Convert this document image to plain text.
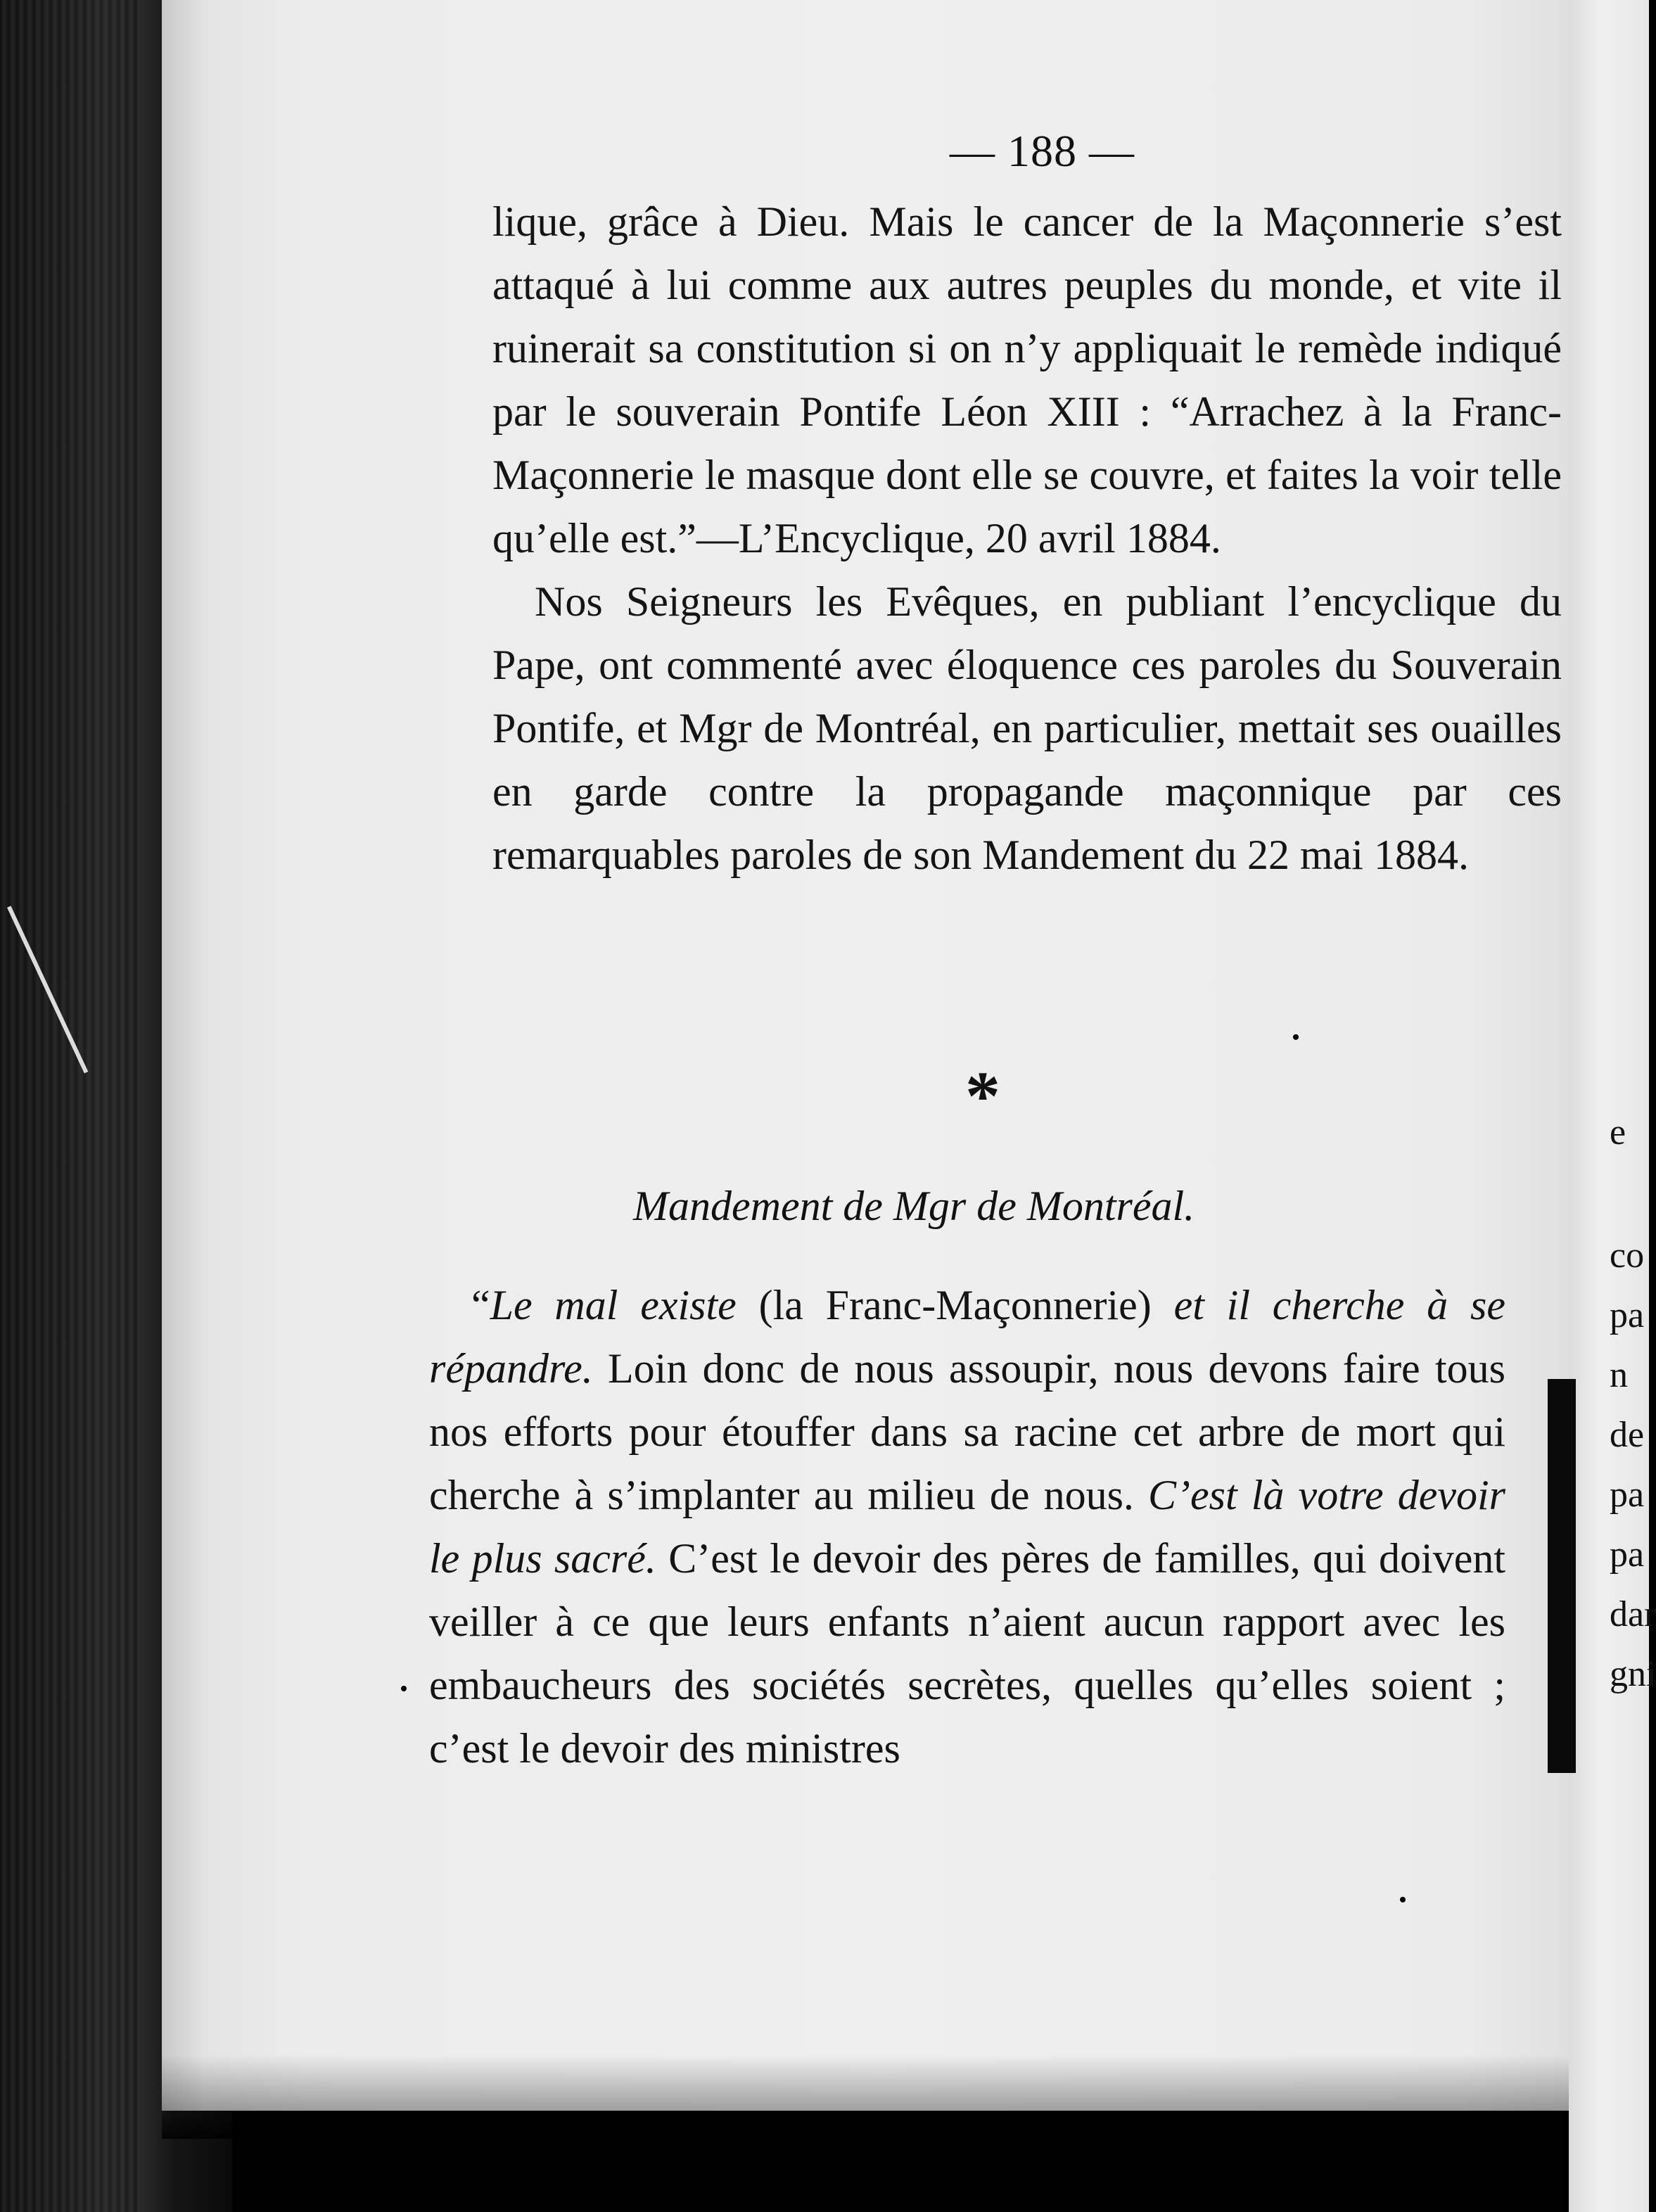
e
co
pa
n
de
pa
pa
dar
gni
— 188 —

lique, grâce à Dieu. Mais le cancer de la Maçonnerie s’est attaqué à lui comme aux autres peuples du monde, et vite il ruinerait sa constitution si on n’y appliquait le remède indiqué par le souverain Pontife Léon XIII : “Arrachez à la Franc-Maçonnerie le masque dont elle se couvre, et faites la voir telle qu’elle est.”—L’Encyclique, 20 avril 1884.

Nos Seigneurs les Evêques, en publiant l’encyclique du Pape, ont commenté avec éloquence ces paroles du Souverain Pontife, et Mgr de Montréal, en particulier, mettait ses ouailles en garde contre la propagande maçonnique par ces remarquables paroles de son Mandement du 22 mai 1884.

*
Mandement de Mgr de Montréal.

“Le mal existe (la Franc-Maçonnerie) et il cherche à se répandre. Loin donc de nous assoupir, nous devons faire tous nos efforts pour étouffer dans sa racine cet arbre de mort qui cherche à s’implanter au milieu de nous. C’est là votre devoir le plus sacré. C’est le devoir des pères de familles, qui doivent veiller à ce que leurs enfants n’aient aucun rapport avec les embaucheurs des sociétés secrètes, quelles qu’elles soient ; c’est le devoir des ministres
